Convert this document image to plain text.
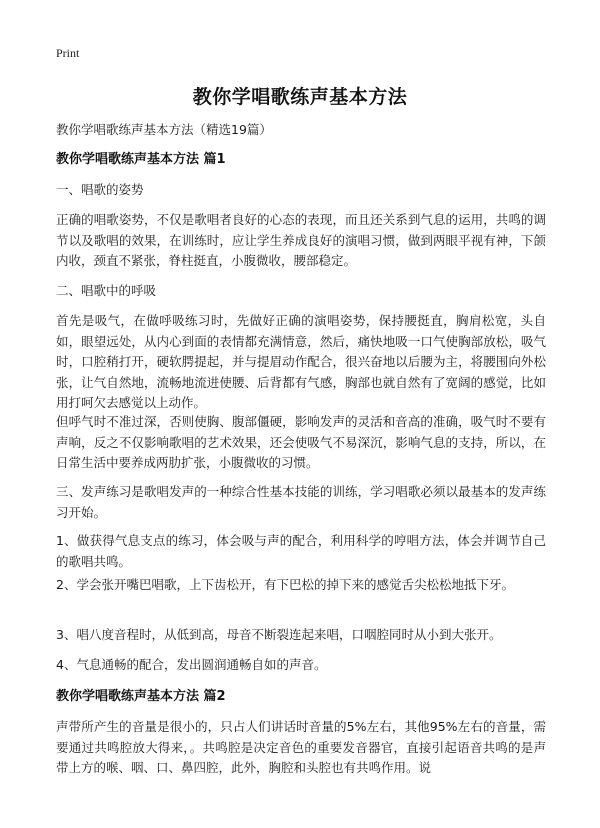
Print
教你学唱歌练声基本方法
教你学唱歌练声基本方法（精选19篇）
教你学唱歌练声基本方法 篇1
一、唱歌的姿势
正确的唱歌姿势，不仅是歌唱者良好的心态的表现，而且还关系到气息的运用，共鸣的调节以及歌唱的效果，在训练时，应让学生养成良好的演唱习惯，做到两眼平视有神，下颌内收，颈直不紧张，脊柱挺直，小腹微收，腰部稳定。
二、唱歌中的呼吸
首先是吸气，在做呼吸练习时，先做好正确的演唱姿势，保持腰挺直，胸肩松宽，头自如，眼望远处，从内心到面的表情都充满情意，然后，痛快地吸一口气使胸部放松，吸气时，口腔稍打开，硬软腭提起，并与提眉动作配合，很兴奋地以后腰为主，将腰围向外松张，让气自然地，流畅地流进使腰、后背都有气感，胸部也就自然有了宽阔的感觉，比如用打呵欠去感觉以上动作。
但呼气时不准过深，否则使胸、腹部僵硬，影响发声的灵活和音高的准确，吸气时不要有声响，反之不仅影响歌唱的艺术效果，还会使吸气不易深沉，影响气息的支持，所以，在日常生活中要养成两肋扩张，小腹微收的习惯。
三、发声练习是歌唱发声的一种综合性基本技能的训练，学习唱歌必须以最基本的发声练习开始。
1、做获得气息支点的练习，体会吸与声的配合，利用科学的哼唱方法，体会并调节自己的歌唱共鸣。
2、学会张开嘴巴唱歌，上下齿松开，有下巴松的掉下来的感觉舌尖松松地抵下牙。
3、唱八度音程时，从低到高，母音不断裂连起来唱，口咽腔同时从小到大张开。
4、气息通畅的配合，发出圆润通畅自如的声音。
教你学唱歌练声基本方法 篇2
声带所产生的音量是很小的，只占人们讲话时音量的5%左右，其他95%左右的音量，需要通过共鸣腔放大得来，。共鸣腔是决定音色的重要发音器官，直接引起语音共鸣的是声带上方的喉、咽、口、鼻四腔，此外，胸腔和头腔也有共鸣作用。说
